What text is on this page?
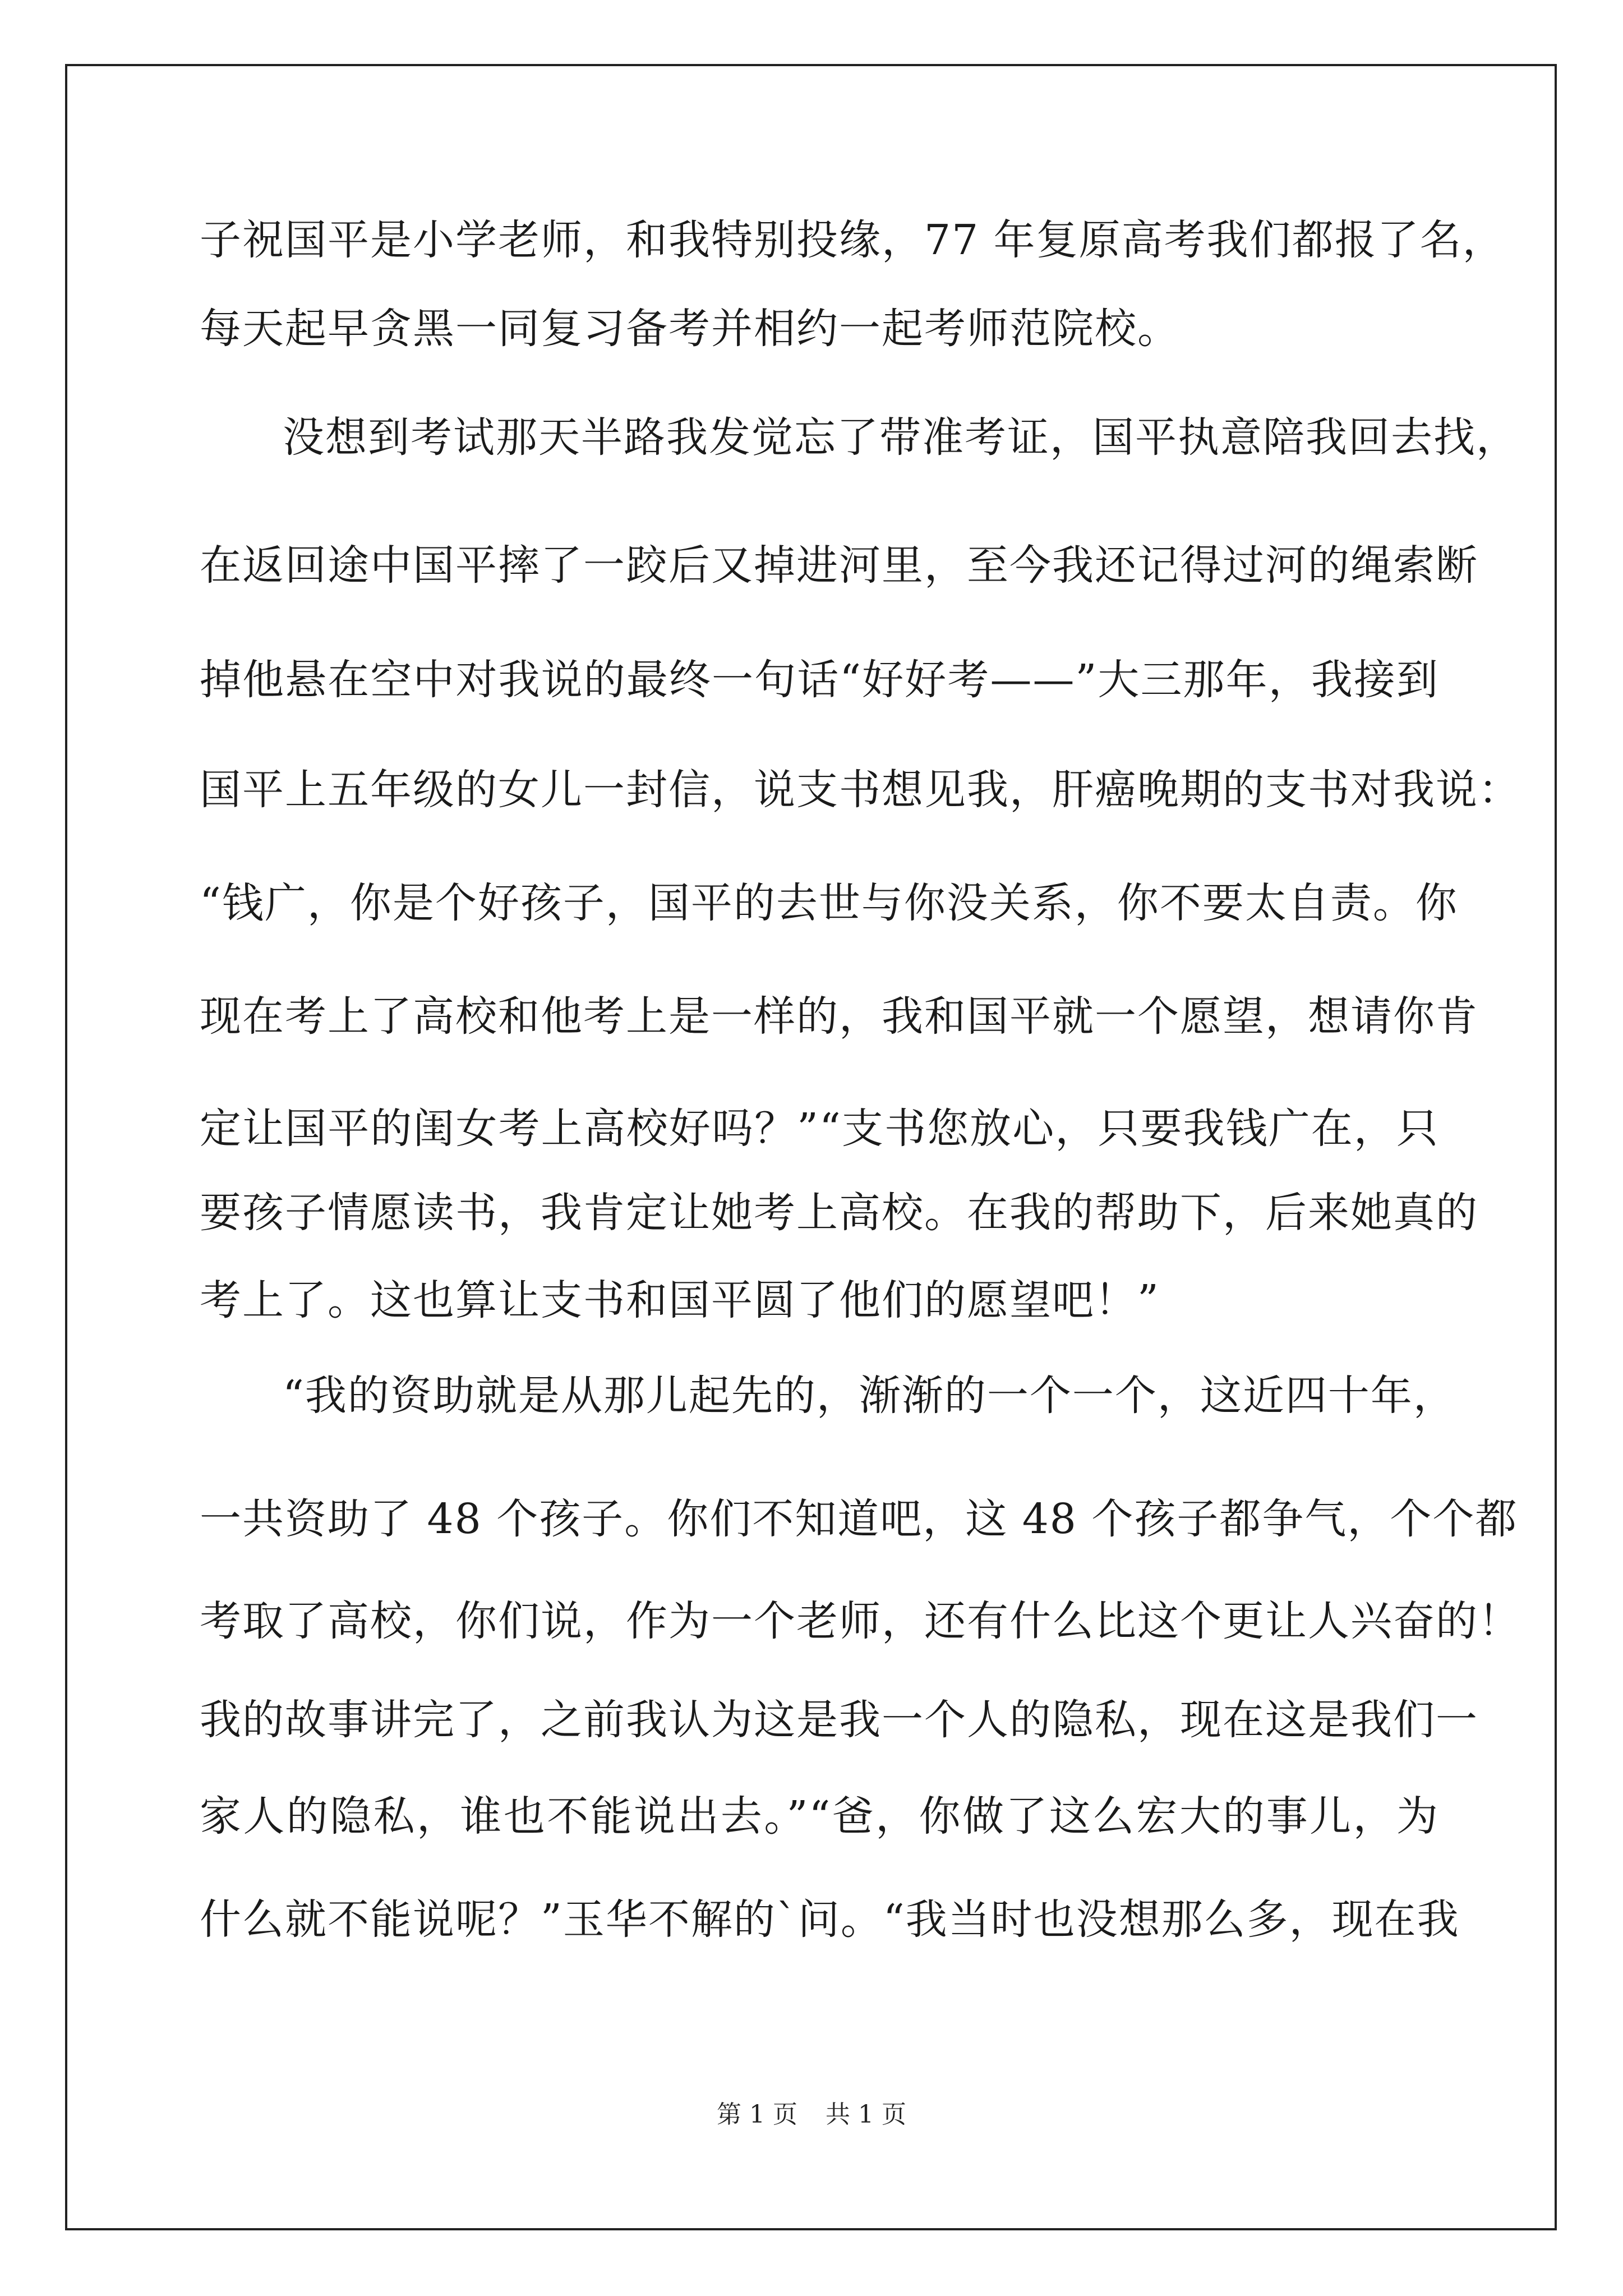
子祝国平是小学老师，和我特别投缘，77 年复原高考我们都报了名，
每天起早贪黑一同复习备考并相约一起考师范院校。
没想到考试那天半路我发觉忘了带准考证，国平执意陪我回去找，
在返回途中国平摔了一跤后又掉进河里，至今我还记得过河的绳索断
掉他悬在空中对我说的最终一句话“好好考——”大三那年，我接到
国平上五年级的女儿一封信，说支书想见我，肝癌晚期的支书对我说：
“钱广，你是个好孩子，国平的去世与你没关系，你不要太自责。你
现在考上了高校和他考上是一样的，我和国平就一个愿望，想请你肯
定让国平的闺女考上高校好吗？”“支书您放心，只要我钱广在，只
要孩子情愿读书，我肯定让她考上高校。在我的帮助下，后来她真的
考上了。这也算让支书和国平圆了他们的愿望吧！”
“我的资助就是从那儿起先的，渐渐的一个一个，这近四十年，
一共资助了 48 个孩子。你们不知道吧，这 48 个孩子都争气，个个都
考取了高校，你们说，作为一个老师，还有什么比这个更让人兴奋的！
我的故事讲完了，之前我认为这是我一个人的隐私，现在这是我们一
家人的隐私，谁也不能说出去。”“爸，你做了这么宏大的事儿，为
什么就不能说呢？”玉华不解的`问。“我当时也没想那么多，现在我
第 1 页 共 1 页
